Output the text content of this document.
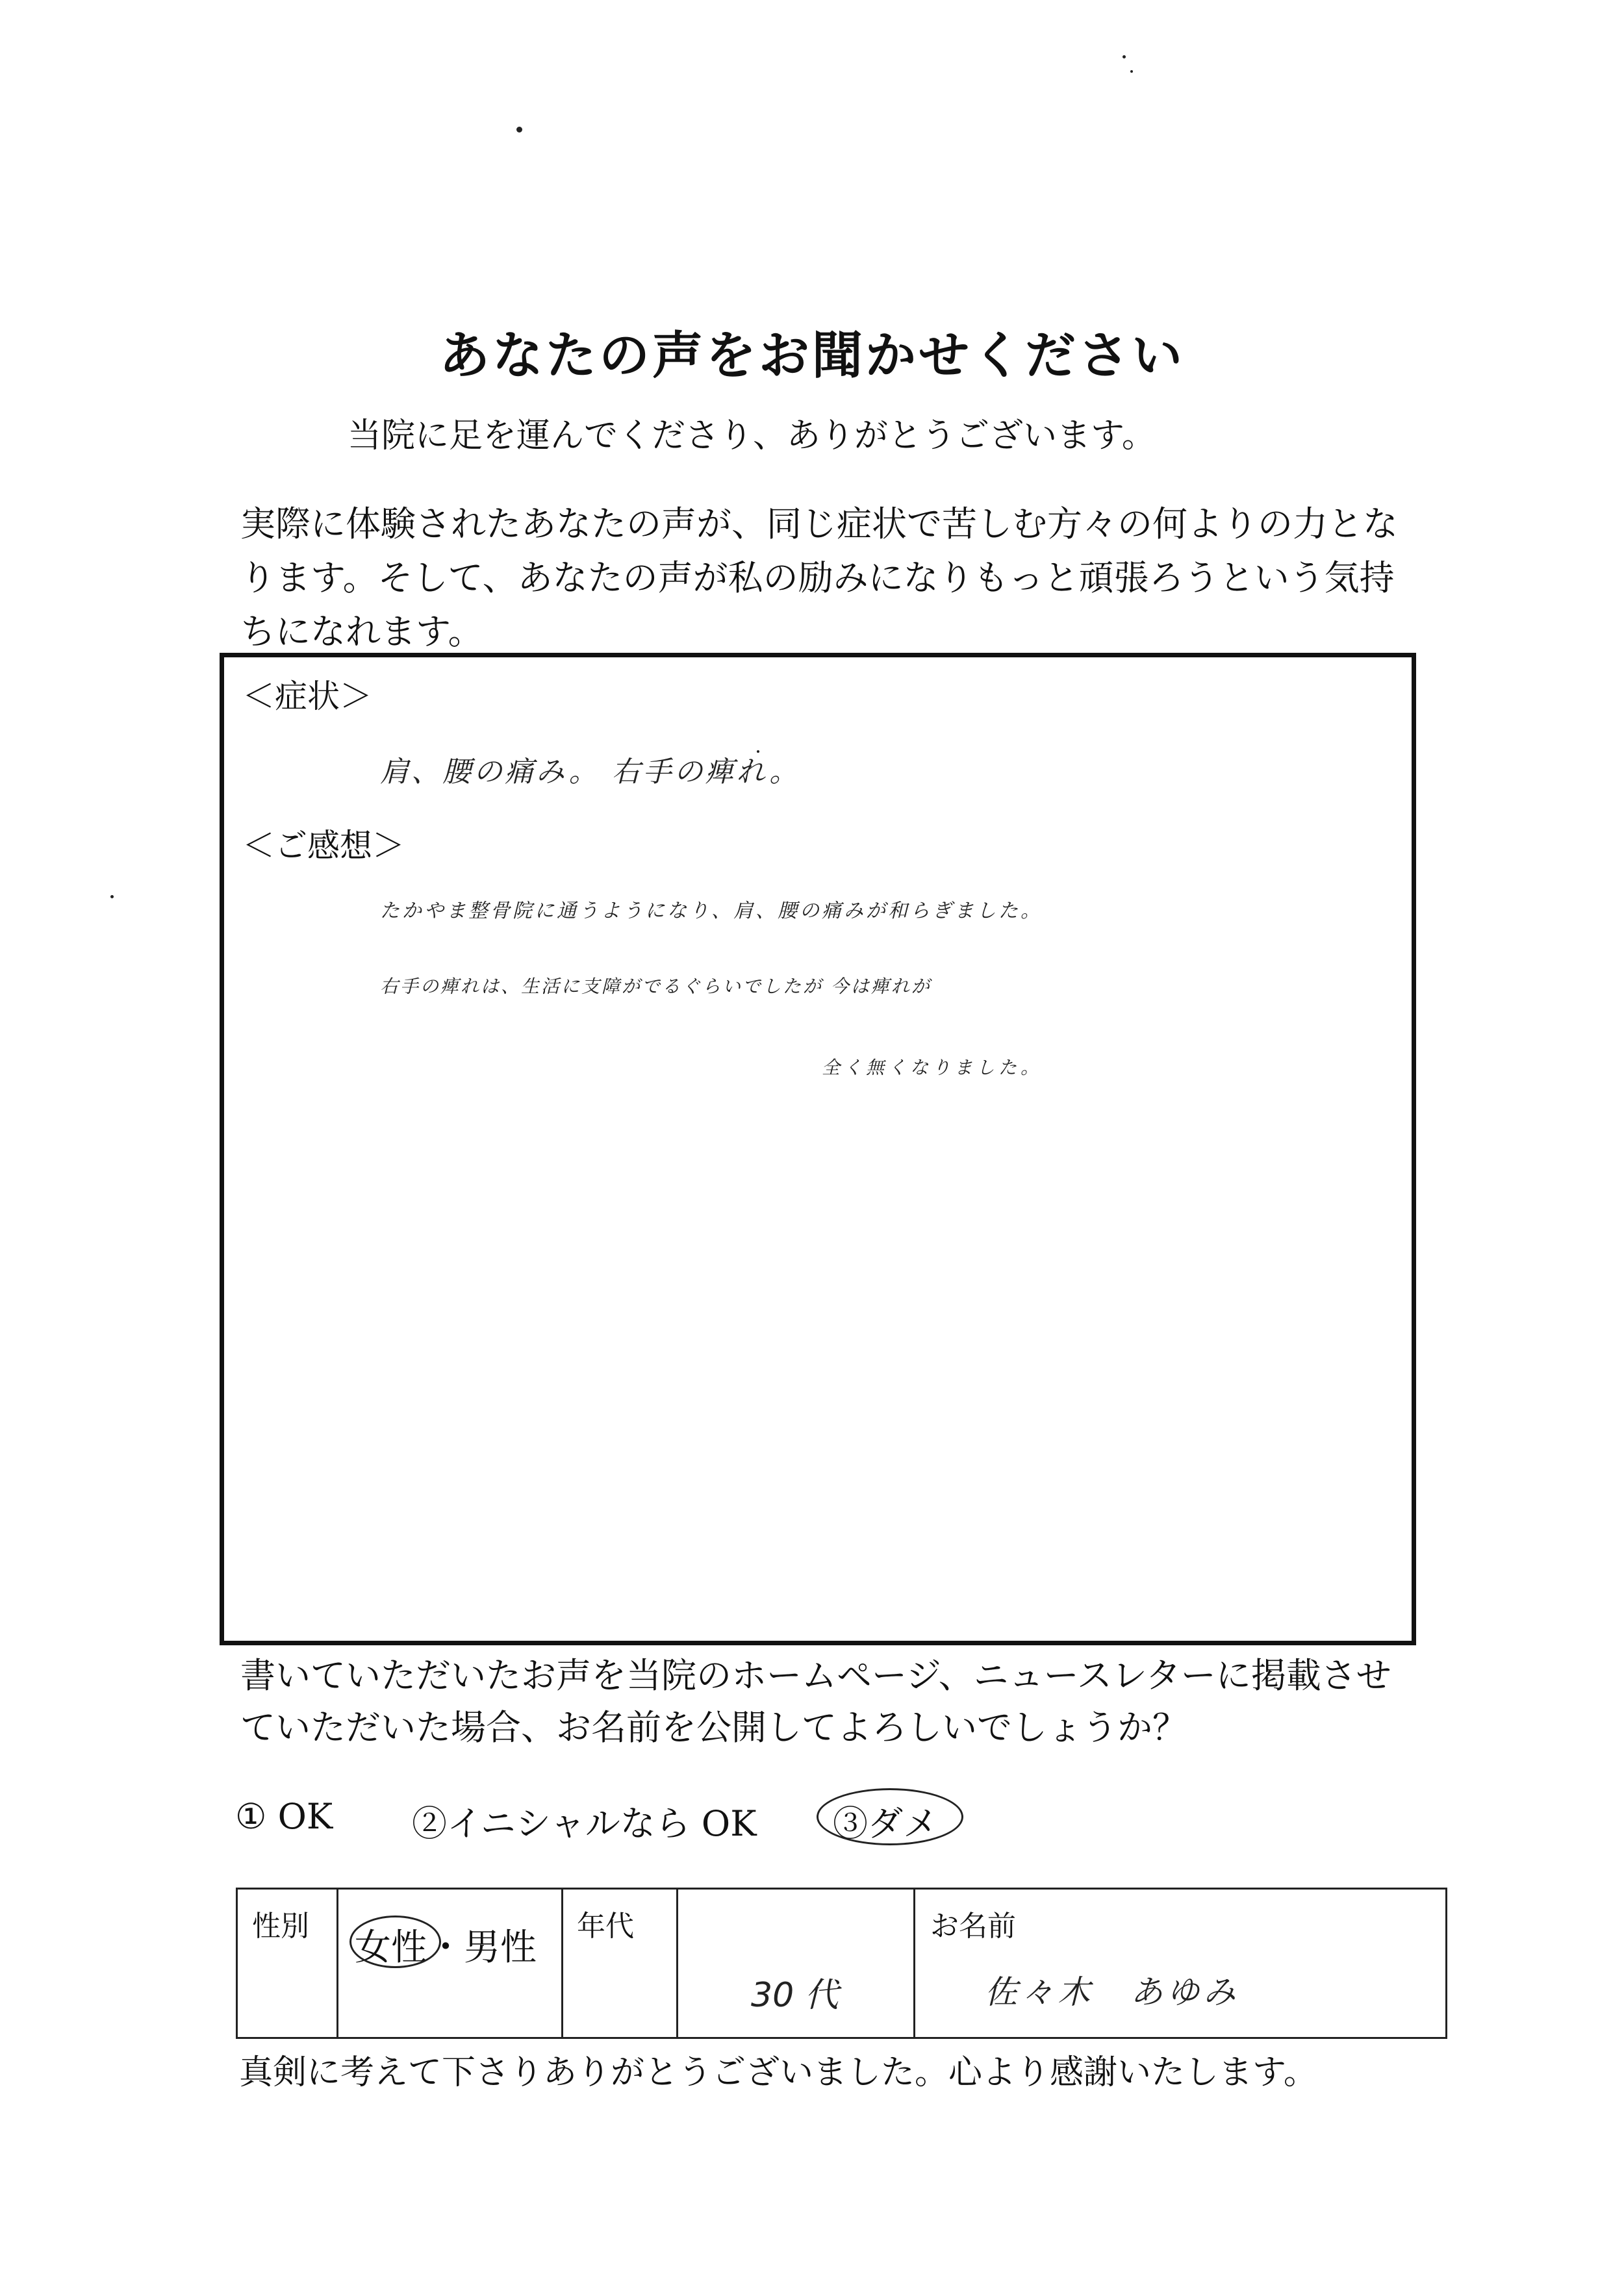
あなたの声をお聞かせください
当院に足を運んでくださり、ありがとうございます。
実際に体験されたあなたの声が、同じ症状で苦しむ方々の何よりの力とな
ります。そして、あなたの声が私の励みになりもっと頑張ろうという気持
ちになれます。
＜症状＞
肩、腰の痛み。 右手の痺れ。
＜ご感想＞
たかやま整骨院に通うようになり、肩、腰の痛みが和らぎました。
右手の痺れは、生活に支障がでるぐらいでしたが 今は痺れが
全く無くなりました。
書いていただいたお声を当院のホームページ、ニュースレターに掲載させ
ていただいた場合、お名前を公開してよろしいでしょうか？
① OK ②イニシャルなら OK ③ダメ
性別
女性・男性
年代
30 代
お名前
佐々木　あゆみ
真剣に考えて下さりありがとうございました。心より感謝いたします。
